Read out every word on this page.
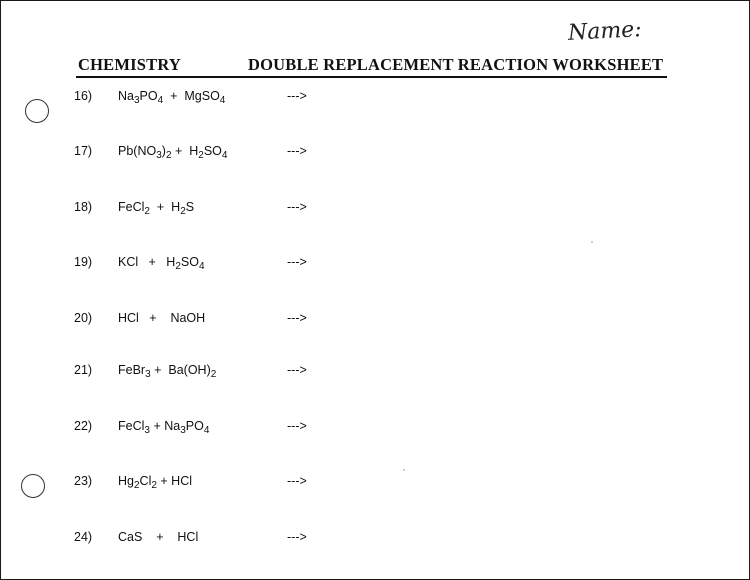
Name:
CHEMISTRY	DOUBLE REPLACEMENT REACTION WORKSHEET
16) $Na_3PO_4$  +  MgSO$_4$	--->
17) $Pb(NO_3)_2 + H_2SO_4$	--->
18) FeCl$_2$  +  $H_2S$	--->
19) KCl   +   $H_2SO_4$	--->
20) HCl   +    NaOH	--->
21) FeBr$_3$ +  $Ba(OH)_2$	--->
22) FeCl$_3$ + $Na_3PO_4$	--->
23) $Hg_2Cl_2$ + HCl	--->
24) CaS    +    HCl	--->
